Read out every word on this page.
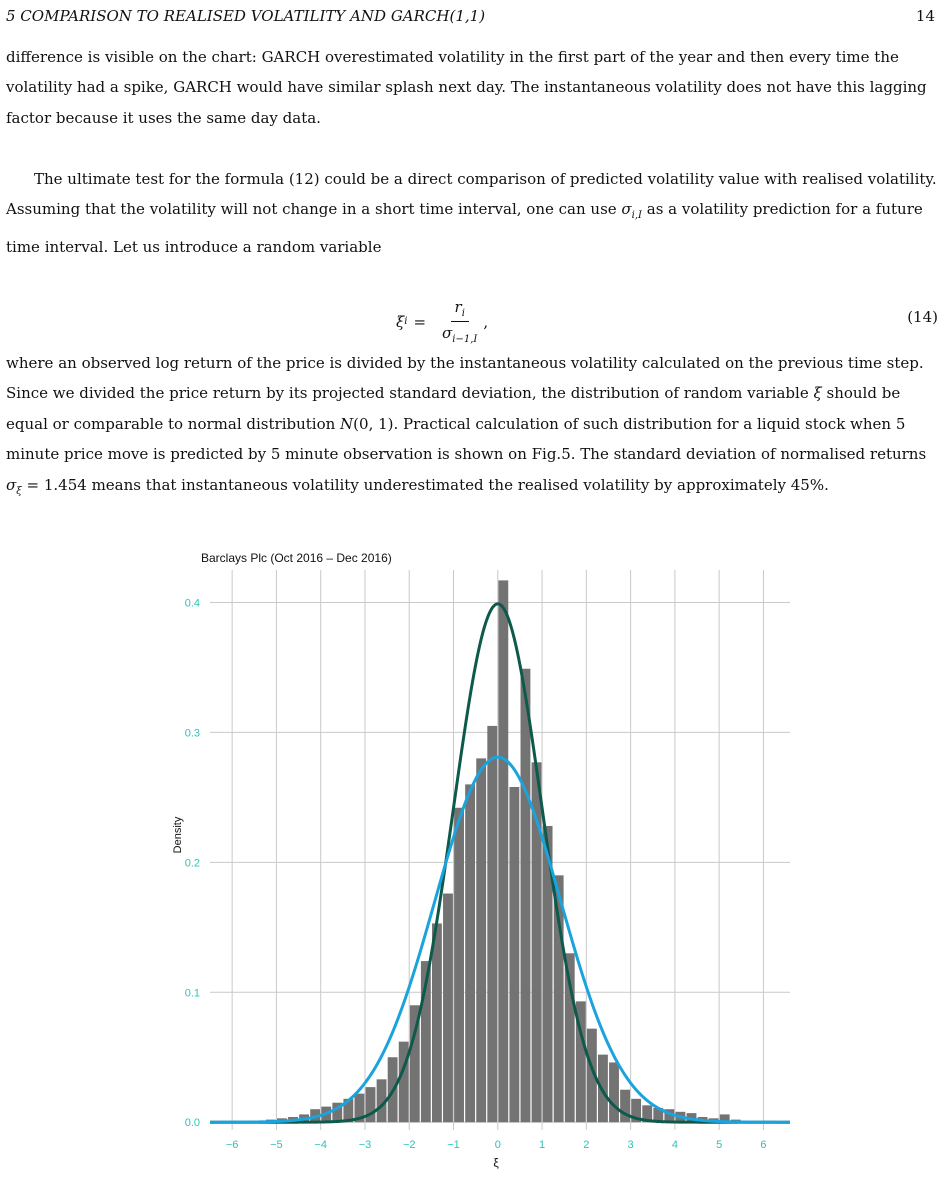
5 COMPARISON TO REALISED VOLATILITY AND GARCH(1,1)	14

difference is visible on the chart: GARCH overestimated volatility in the first part of the year and then every time the volatility had a spike, GARCH would have similar splash next day. The instantaneous volatility does not have this lagging factor because it uses the same day data.

The ultimate test for the formula (12) could be a direct comparison of predicted volatility value with realised volatility. Assuming that the volatility will not change in a short time interval, one can use $\sigma_{i,I}$ as a volatility prediction for a future time interval. Let us introduce a random variable

ξ $i = \frac{r_i}{\sigma_{i-1,I}}$ ,	(14)

where an observed log return of the price is divided by the instantaneous volatility calculated on the previous time step. Since we divided the price return by its projected standard deviation, the distribution of random variable ξ should be equal or comparable to normal distribution N(0, 1). Practical calculation of such distribution for a liquid stock when 5 minute price move is predicted by 5 minute observation is shown on Fig.5. The standard deviation of normalised returns $\sigma_\xi = 1.454$ means that instantaneous volatility underestimated the realised volatility by approximately 45%.

0.0
0.1
0.2
0.3
0.4
−6	−5	−4	−3	−2	−1	0	1	2	3	4	5	6
Barclays Plc (Oct 2016 – Dec 2016)
Density
ξ
